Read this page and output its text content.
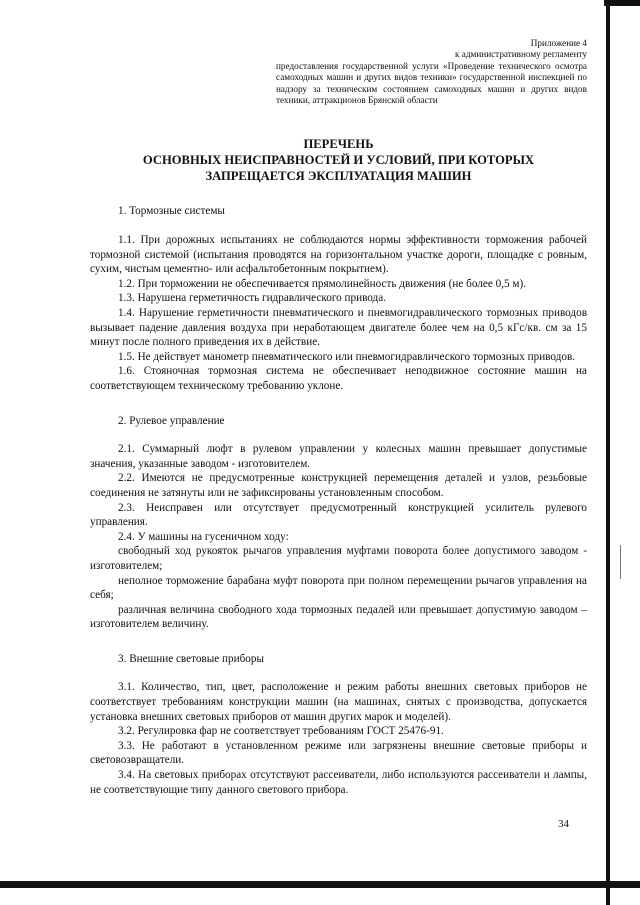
Приложение 4
к административному регламенту
предоставления государственной услуги «Проведение технического осмотра самоходных машин и других видов техники» государственной инспекцией по надзору за техническим состоянием самоходных машин и других видов техники, аттракционов Брянской области
ПЕРЕЧЕНЬ
ОСНОВНЫХ НЕИСПРАВНОСТЕЙ И УСЛОВИЙ, ПРИ КОТОРЫХ
ЗАПРЕЩАЕТСЯ ЭКСПЛУАТАЦИЯ МАШИН
1. Тормозные системы

1.1. При дорожных испытаниях не соблюдаются нормы эффективности торможения рабочей тормозной системой (испытания проводятся на горизонтальном участке дороги, площадке с ровным, сухим, чистым цементно- или асфальтобетонным покрытием).

1.2. При торможении не обеспечивается прямолинейность движения (не более 0,5 м).

1.3. Нарушена герметичность гидравлического привода.

1.4. Нарушение герметичности пневматического и пневмогидравлического тормозных приводов вызывает падение давления воздуха при неработающем двигателе более чем на 0,5 кГс/кв. см за 15 минут после полного приведения их в действие.

1.5. Не действует манометр пневматического или пневмогидравлического тормозных приводов.

1.6. Стояночная тормозная система не обеспечивает неподвижное состояние машин на соответствующем техническому требованию уклоне.

2. Рулевое управление

2.1. Суммарный люфт в рулевом управлении у колесных машин превышает допустимые значения, указанные заводом - изготовителем.

2.2. Имеются не предусмотренные конструкцией перемещения деталей и узлов, резьбовые соединения не затянуты или не зафиксированы установленным способом.

2.3. Неисправен или отсутствует предусмотренный конструкцией усилитель рулевого управления.

2.4. У машины на гусеничном ходу:

свободный ход рукояток рычагов управления муфтами поворота более допустимого заводом - изготовителем;

неполное торможение барабана муфт поворота при полном перемещении рычагов управления на себя;

различная величина свободного хода тормозных педалей или превышает допустимую заводом – изготовителем величину.

3. Внешние световые приборы

3.1. Количество, тип, цвет, расположение и режим работы внешних световых приборов не соответствует требованиям конструкции машин (на машинах, снятых с производства, допускается установка внешних световых приборов от машин других марок и моделей).

3.2. Регулировка фар не соответствует требованиям ГОСТ 25476-91.

3.3. Не работают в установленном режиме или загрязнены внешние световые приборы и световозвращатели.

3.4. На световых приборах отсутствуют рассеиватели, либо используются рассеиватели и лампы, не соответствующие типу данного светового прибора.

34
